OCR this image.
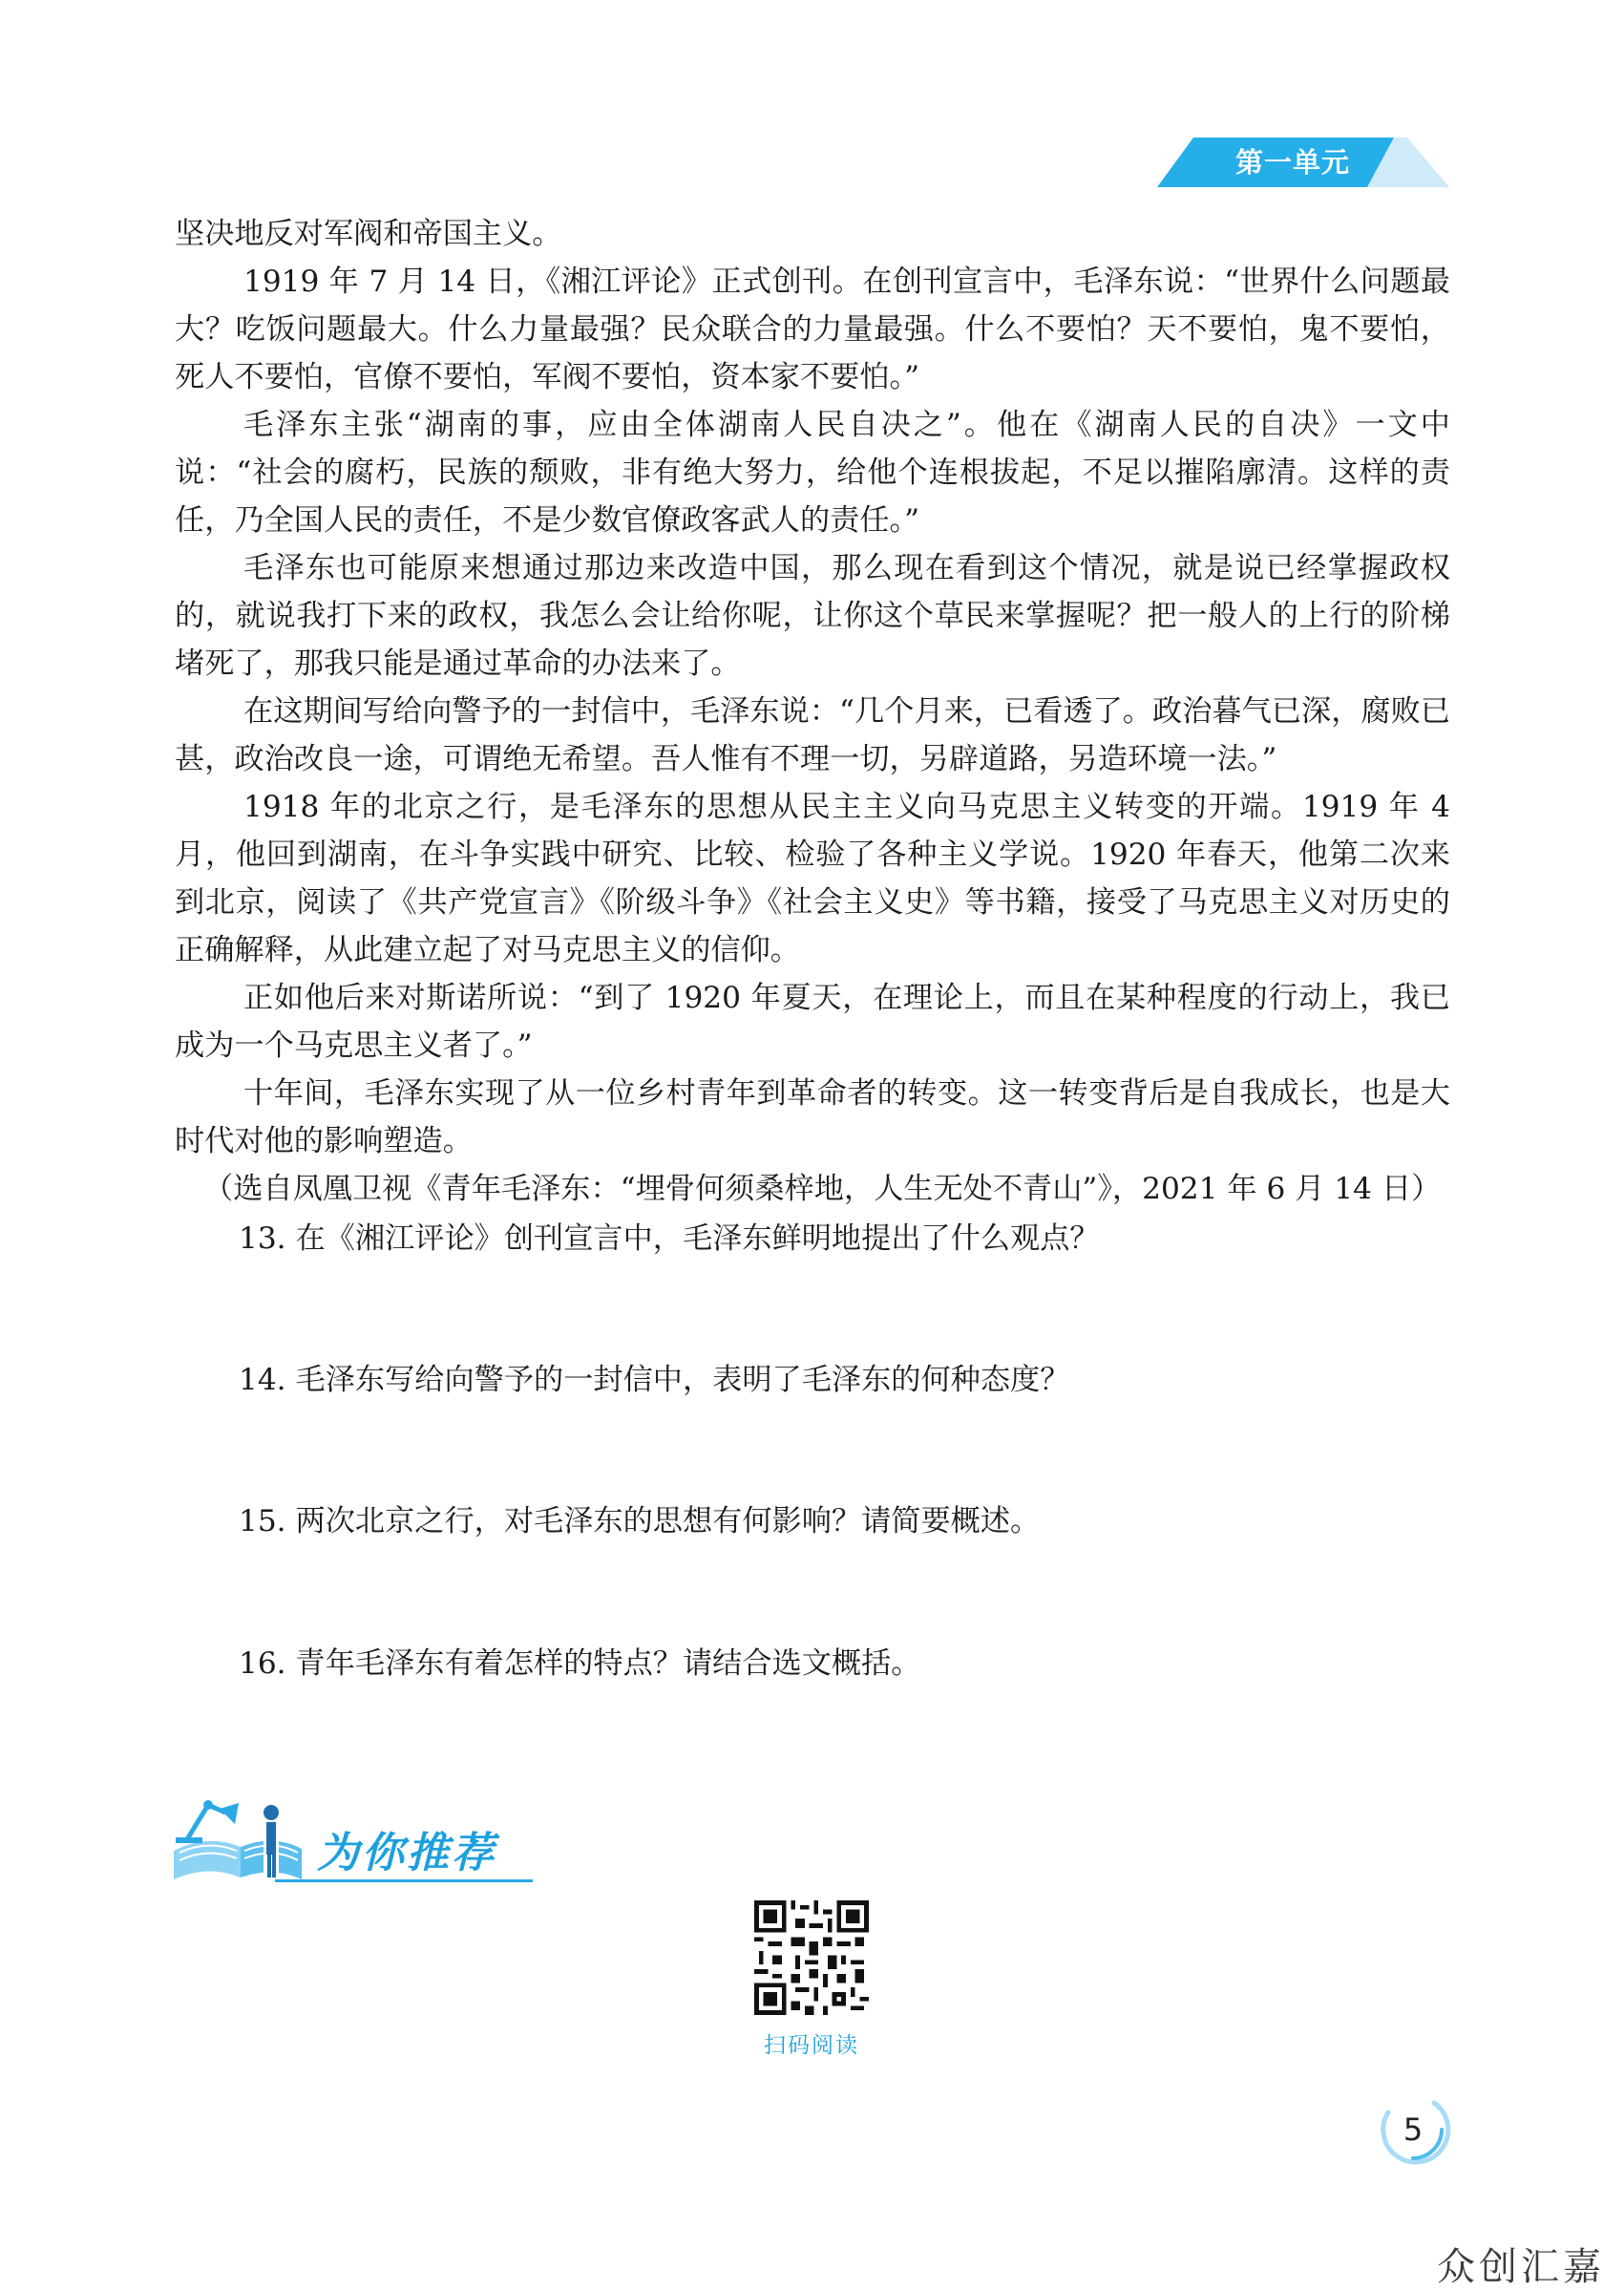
第一单元

坚决地反对军阀和帝国主义。

1919 年 7 月 14 日，《湘江评论》正式创刊。在创刊宣言中，毛泽东说：“世界什么问题最大？吃饭问题最大。什么力量最强？民众联合的力量最强。什么不要怕？天不要怕，鬼不要怕，死人不要怕，官僚不要怕，军阀不要怕，资本家不要怕。”

毛泽东主张“湖南的事，应由全体湖南人民自决之”。他在《湖南人民的自决》一文中说：“社会的腐朽，民族的颓败，非有绝大努力，给他个连根拔起，不足以摧陷廓清。这样的责任，乃全国人民的责任，不是少数官僚政客武人的责任。”

毛泽东也可能原来想通过那边来改造中国，那么现在看到这个情况，就是说已经掌握政权的，就说我打下来的政权，我怎么会让给你呢，让你这个草民来掌握呢？把一般人的上行的阶梯堵死了，那我只能是通过革命的办法来了。

在这期间写给向警予的一封信中，毛泽东说：“几个月来，已看透了。政治暮气已深，腐败已甚，政治改良一途，可谓绝无希望。吾人惟有不理一切，另辟道路，另造环境一法。”

1918 年的北京之行，是毛泽东的思想从民主主义向马克思主义转变的开端。1919 年 4 月，他回到湖南，在斗争实践中研究、比较、检验了各种主义学说。1920 年春天，他第二次来到北京，阅读了《共产党宣言》《阶级斗争》《社会主义史》等书籍，接受了马克思主义对历史的正确解释，从此建立起了对马克思主义的信仰。

正如他后来对斯诺所说：“到了 1920 年夏天，在理论上，而且在某种程度的行动上，我已成为一个马克思主义者了。”

十年间，毛泽东实现了从一位乡村青年到革命者的转变。这一转变背后是自我成长，也是大时代对他的影响塑造。

（选自凤凰卫视《青年毛泽东：“埋骨何须桑梓地，人生无处不青山”》，2021 年 6 月 14 日）

13. 在《湘江评论》创刊宣言中，毛泽东鲜明地提出了什么观点？
14. 毛泽东写给向警予的一封信中，表明了毛泽东的何种态度？
15. 两次北京之行，对毛泽东的思想有何影响？请简要概述。
16. 青年毛泽东有着怎样的特点？请结合选文概括。
为你推荐
扫码阅读
5
众创汇嘉
